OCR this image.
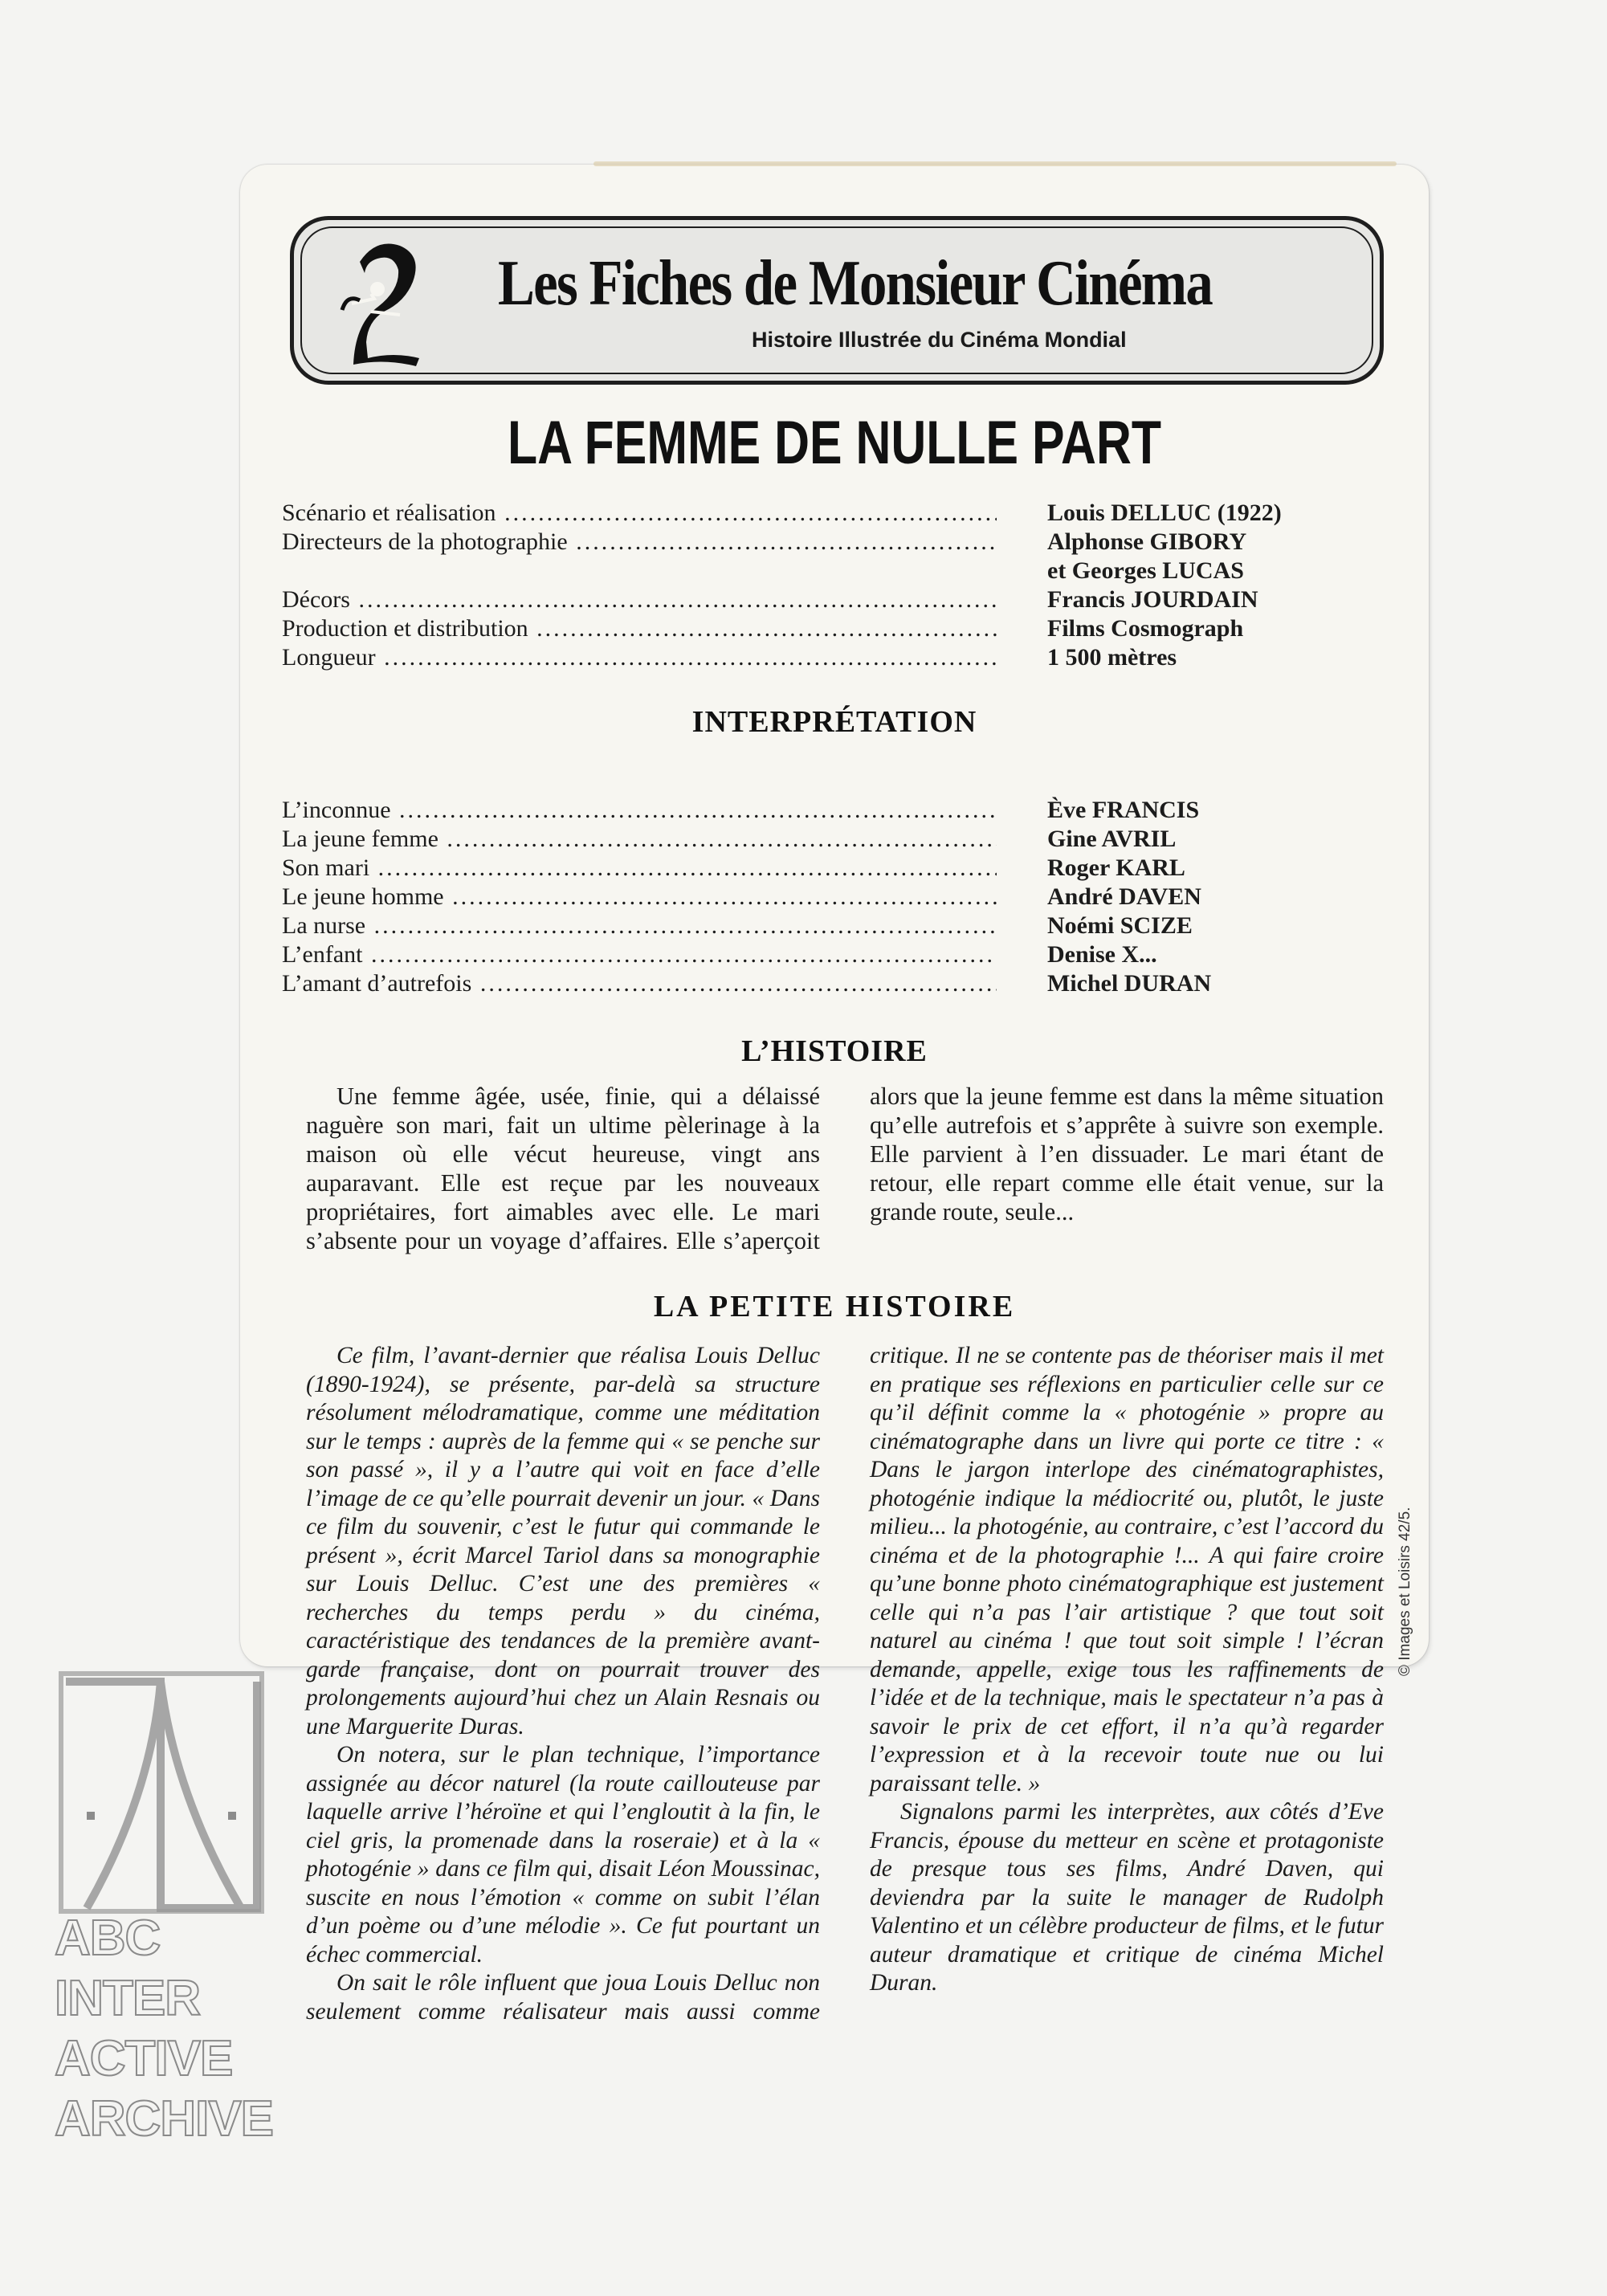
Les Fiches de Monsieur Cinéma

Histoire Illustrée du Cinéma Mondial

LA FEMME DE NULLE PART
Scénario et réalisation .....	Louis DELLUC (1922)
Directeurs de la photographie .....	Alphonse GIBORY
et Georges LUCAS
Décors .....	Francis JOURDAIN
Production et distribution .....	Films Cosmograph
Longueur .....	1 500 mètres
INTERPRÉTATION
L’inconnue .....	Ève FRANCIS
La jeune femme .....	Gine AVRIL
Son mari .....	Roger KARL
Le jeune homme .....	André DAVEN
La nurse .....	Noémi SCIZE
L’enfant .....	Denise X...
L’amant d’autrefois .....	Michel DURAN
L’HISTOIRE

Une femme âgée, usée, finie, qui a délaissé naguère son mari, fait un ultime pèlerinage à la maison où elle vécut heureuse, vingt ans auparavant. Elle est reçue par les nouveaux propriétaires, fort aimables avec elle. Le mari s’absente pour un voyage d’affaires. Elle s’aperçoit alors que la jeune femme est dans la même situation qu’elle autrefois et s’apprête à suivre son exemple. Elle parvient à l’en dissuader. Le mari étant de retour, elle repart comme elle était venue, sur la grande route, seule...

LA PETITE HISTOIRE

Ce film, l’avant-dernier que réalisa Louis Delluc (1890-1924), se présente, par-delà sa structure résolument mélodramatique, comme une méditation sur le temps : auprès de la femme qui « se penche sur son passé », il y a l’autre qui voit en face d’elle l’image de ce qu’elle pourrait devenir un jour. « Dans ce film du souvenir, c’est le futur qui commande le présent », écrit Marcel Tariol dans sa monographie sur Louis Delluc. C’est une des premières « recherches du temps perdu » du cinéma, caractéristique des tendances de la première avant-garde française, dont on pourrait trouver des prolongements aujourd’hui chez un Alain Resnais ou une Marguerite Duras.

On notera, sur le plan technique, l’importance assignée au décor naturel (la route caillouteuse par laquelle arrive l’héroïne et qui l’engloutit à la fin, le ciel gris, la promenade dans la roseraie) et à la « photogénie » dans ce film qui, disait Léon Moussinac, suscite en nous l’émotion « comme on subit l’élan d’un poème ou d’une mélodie ». Ce fut pourtant un échec commercial.

On sait le rôle influent que joua Louis Delluc non seulement comme réalisateur mais aussi comme critique. Il ne se contente pas de théoriser mais il met en pratique ses réflexions en particulier celle sur ce qu’il définit comme la « photogénie » propre au cinématographe dans un livre qui porte ce titre : « Dans le jargon interlope des cinématographistes, photogénie indique la médiocrité ou, plutôt, le juste milieu... la photogénie, au contraire, c’est l’accord du cinéma et de la photographie !... A qui faire croire qu’une bonne photo cinématographique est justement celle qui n’a pas l’air artistique ? que tout soit naturel au cinéma ! que tout soit simple ! l’écran demande, appelle, exige tous les raffinements de l’idée et de la technique, mais le spectateur n’a pas à savoir le prix de cet effort, il n’a qu’à regarder l’expression et à la recevoir toute nue ou lui paraissant telle. »

Signalons parmi les interprètes, aux côtés d’Eve Francis, épouse du metteur en scène et protagoniste de presque tous ses films, André Daven, qui deviendra par la suite le manager de Rudolph Valentino et un célèbre producteur de films, et le futur auteur dramatique et critique de cinéma Michel Duran.

© Images et Loisirs 42/5.

ABC
INTER
ACTIVE
ARCHIVE
